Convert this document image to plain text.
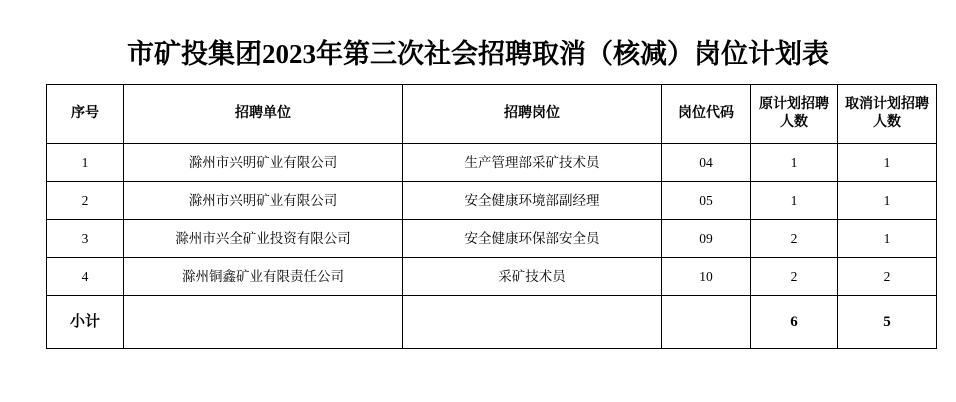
市矿投集团2023年第三次社会招聘取消（核减）岗位计划表
序号	招聘单位	招聘岗位	岗位代码	原计划招聘人数	取消计划招聘人数
1	滁州市兴明矿业有限公司	生产管理部采矿技术员	04	1	1
2	滁州市兴明矿业有限公司	安全健康环境部副经理	05	1	1
3	滁州市兴全矿业投资有限公司	安全健康环保部安全员	09	2	1
4	滁州铜鑫矿业有限责任公司	采矿技术员	10	2	2
小计				6	5
